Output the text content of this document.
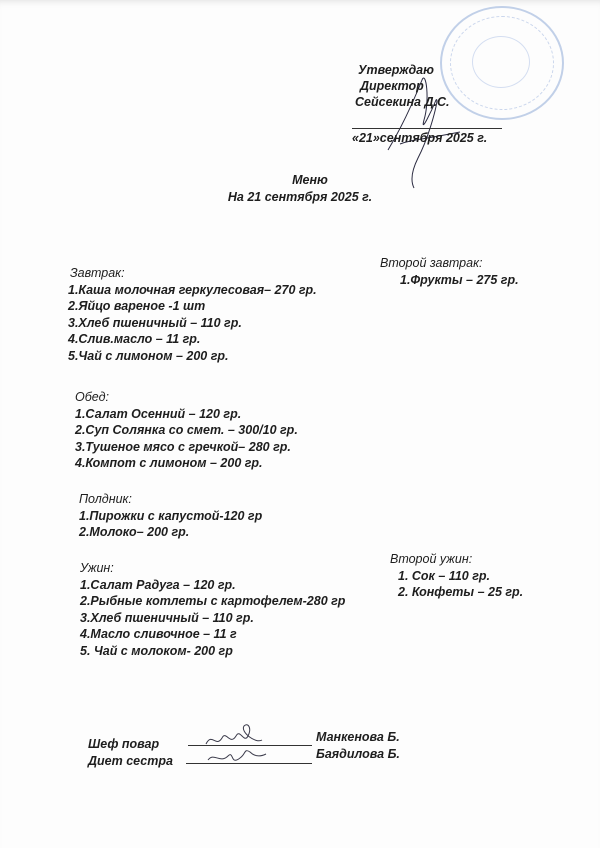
Утверждаю
Директор
Сейсекина Д.С.
«21»сентября 2025 г.
Меню
На 21 сентября 2025 г.
Завтрак:
1.Каша молочная геркулесовая– 270 гр.
2.Яйцо вареное -1 шт
3.Хлеб пшеничный – 110 гр.
4.Слив.масло – 11 гр.
5.Чай с лимоном – 200 гр.
Второй завтрак:
1.Фрукты – 275 гр.
Обед:
1.Салат Осенний – 120 гр.
2.Суп Солянка со смет. – 300/10 гр.
3.Тушеное мясо с гречкой– 280 гр.
4.Компот с лимоном – 200 гр.
Полдник:
1.Пирожки с капустой-120 гр
2.Молоко– 200 гр.
Ужин:
1.Салат Радуга – 120 гр.
2.Рыбные котлеты с картофелем-280 гр
3.Хлеб пшеничный – 110 гр.
4.Масло сливочное – 11 г
5. Чай с молоком- 200 гр
Второй ужин:
1. Сок – 110 гр.
2. Конфеты – 25 гр.
Шеф повар
Диет сестра
Манкенова Б.
Баядилова Б.
